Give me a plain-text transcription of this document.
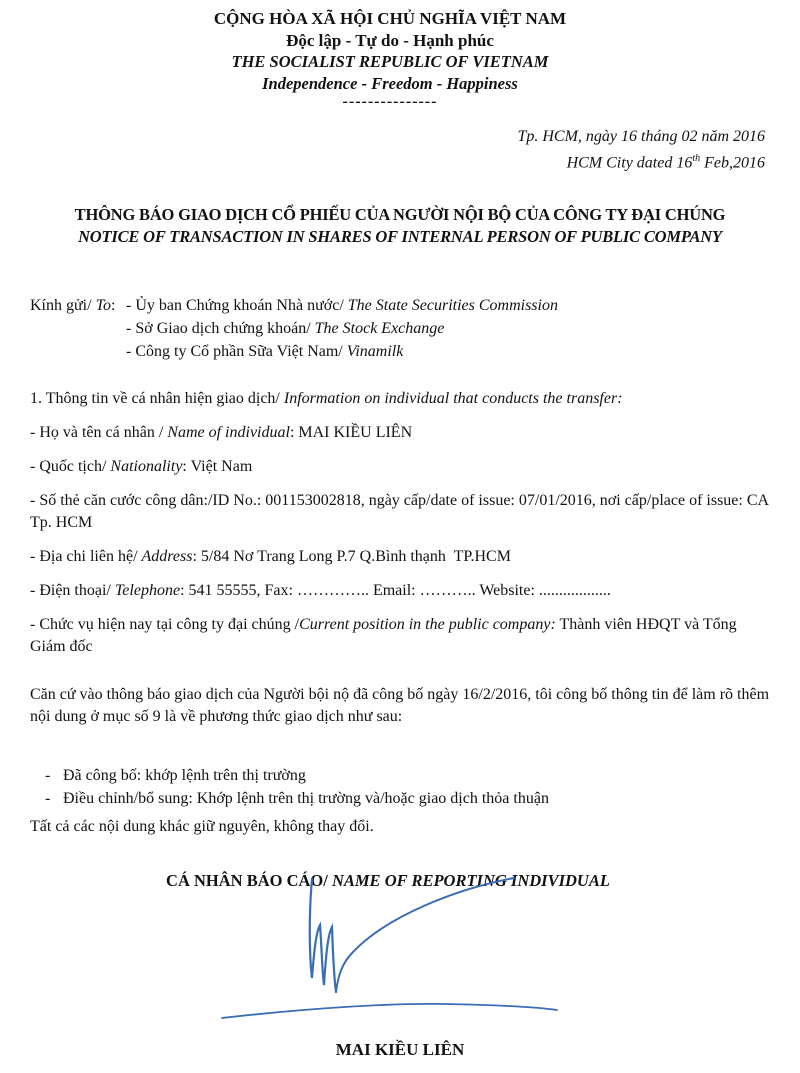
CỘNG HÒA XÃ HỘI CHỦ NGHĨA VIỆT NAM
Độc lập - Tự do - Hạnh phúc
THE SOCIALIST REPUBLIC OF VIETNAM
Independence - Freedom - Happiness
---------------
Tp. HCM, ngày 16 tháng 02 năm 2016
HCM City dated 16th Feb,2016
THÔNG BÁO GIAO DỊCH CỔ PHIẾU CỦA NGƯỜI NỘI BỘ CỦA CÔNG TY ĐẠI CHÚNG
NOTICE OF TRANSACTION IN SHARES OF INTERNAL PERSON OF PUBLIC COMPANY
Kính gửi/ To: - Ủy ban Chứng khoán Nhà nước/ The State Securities Commission
- Sở Giao dịch chứng khoán/ The Stock Exchange
- Công ty Cổ phần Sữa Việt Nam/ Vinamilk
1. Thông tin về cá nhân hiện giao dịch/ Information on individual that conducts the transfer:
- Họ và tên cá nhân / Name of individual: MAI KIỀU LIÊN
- Quốc tịch/ Nationality: Việt Nam
- Số thẻ căn cước công dân:/ID No.: 001153002818, ngày cấp/date of issue: 07/01/2016, nơi cấp/place of issue: CA Tp. HCM
- Địa chi liên hệ/ Address: 5/84 Nơ Trang Long P.7 Q.Bình thạnh  TP.HCM
- Điện thoại/ Telephone: 541 55555, Fax: ………….. Email: ……….. Website: ..................
- Chức vụ hiện nay tại công ty đại chúng /Current position in the public company: Thành viên HĐQT và Tổng Giám đốc
Căn cứ vào thông báo giao dịch của Người bội nộ đã công bố ngày 16/2/2016, tôi công bố thông tin để làm rõ thêm nội dung ở mục số 9 là về phương thức giao dịch như sau:
- Đã công bố: khớp lệnh trên thị trường
- Điều chỉnh/bổ sung: Khớp lệnh trên thị trường và/hoặc giao dịch thỏa thuận
Tất cả các nội dung khác giữ nguyên, không thay đổi.
CÁ NHÂN BÁO CÁO/ NAME OF REPORTING INDIVIDUAL
MAI KIỀU LIÊN
